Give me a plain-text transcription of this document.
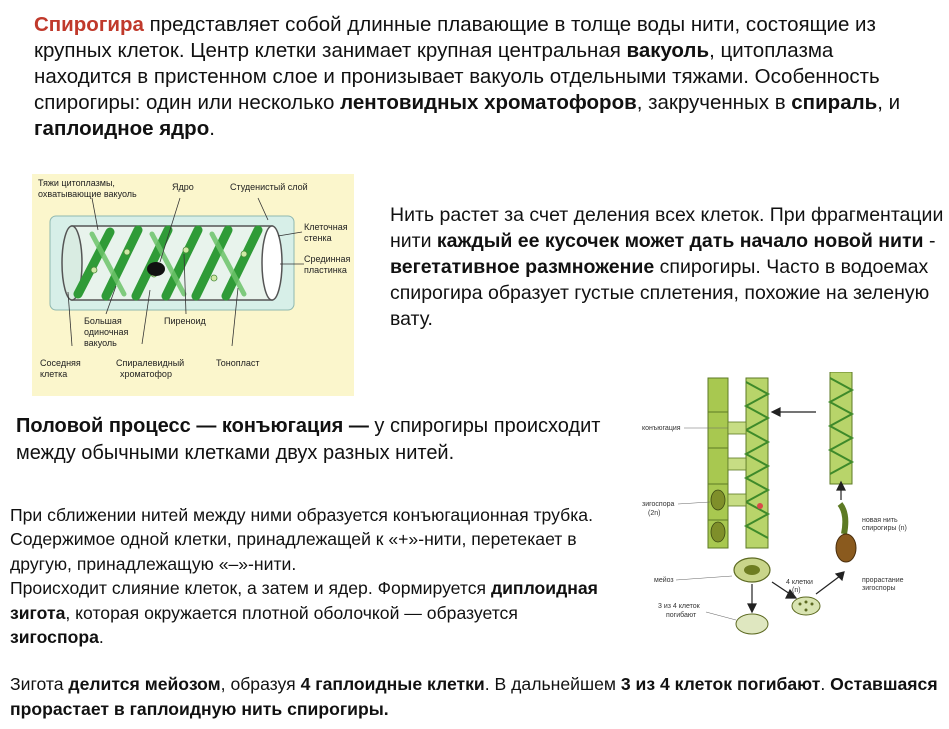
Спирогира представляет собой длинные плавающие в толще воды нити, состоящие из крупных клеток. Центр клетки занимает крупная центральная вакуоль, цитоплазма находится в пристенном слое и пронизывает вакуоль отдельными тяжами. Особенность спирогиры: один или несколько лентовидных хроматофоров, закрученных в спираль, и гаплоидное ядро.

Тяжи цитоплазмы,
охватывающие вакуоль
Ядро	Студенистый слой
Клеточная
стенка
Срединная
пластинка
Большая
одиночная
вакуоль
Пиреноид
Соседняя
клетка
Спиралевидный
хроматофор
Тонопласт

Нить растет за счет деления всех клеток. При фрагментации нити каждый ее кусочек может дать начало новой нити - вегетативное размножение спирогиры. Часто в водоемах спирогира образует густые сплетения, похожие на зеленую вату.

Половой процесс — конъюгация — у спирогиры происходит между обычными клетками двух разных нитей.

При сближении нитей между ними образуется конъюгационная трубка. Содержимое одной клетки, принадлежащей к «+»-нити, перетекает в другую, принадлежащую «–»-нити.
Происходит слияние клеток, а затем и ядер. Формируется диплоидная зигота, которая окружается плотной оболочкой — образуется зигоспора.

конъюгация
зигоспора
(2n)
мейоз	4 клетки
(n)
3 из 4 клеток
погибают
новая нить
спирогиры (n)
прорастание
зигоспоры

Зигота делится мейозом, образуя 4 гаплоидные клетки. В дальнейшем 3 из 4 клеток погибают. Оставшаяся прорастает в гаплоидную нить спирогиры.
